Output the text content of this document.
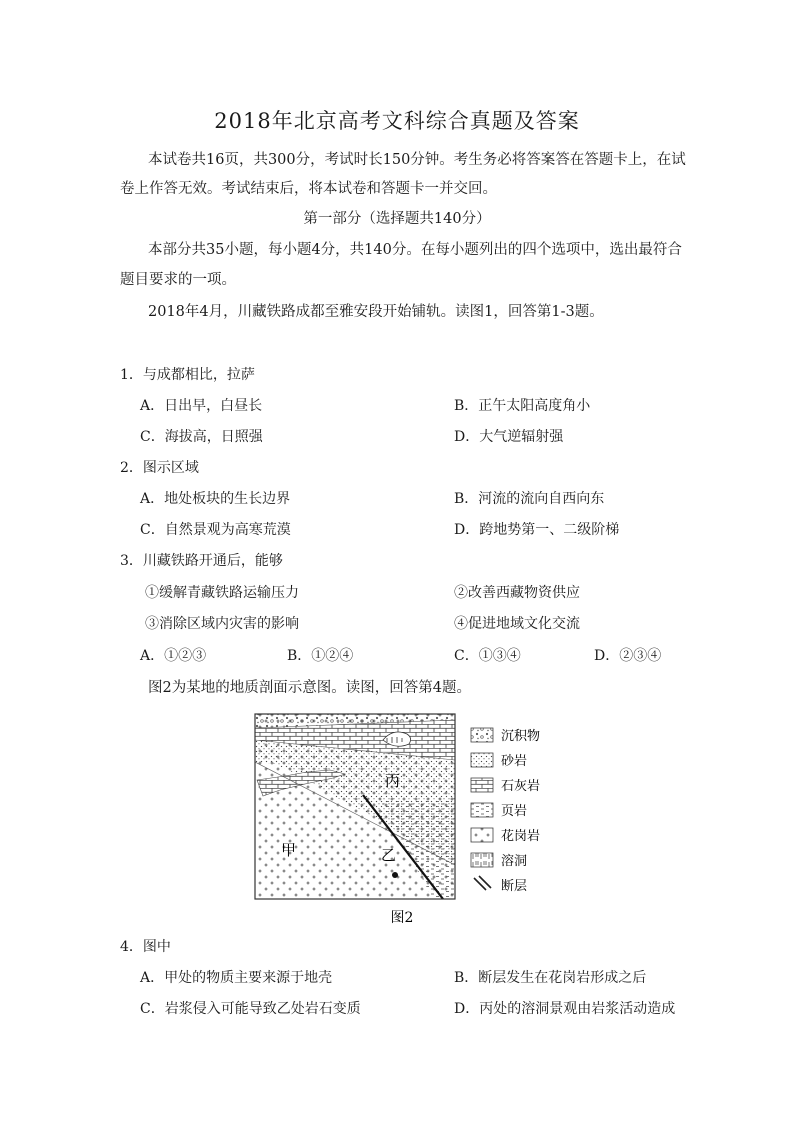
2018年北京高考文科综合真题及答案
本试卷共16页，共300分，考试时长150分钟。考生务必将答案答在答题卡上，在试
卷上作答无效。考试结束后，将本试卷和答题卡一并交回。
第一部分（选择题共140分）
本部分共35小题，每小题4分，共140分。在每小题列出的四个选项中，选出最符合
题目要求的一项。
2018年4月，川藏铁路成都至雅安段开始铺轨。读图1，回答第1-3题。
1．与成都相比，拉萨
A．日出早，白昼长	B．正午太阳高度角小
C．海拔高，日照强	D．大气逆辐射强
2．图示区域
A．地处板块的生长边界	B．河流的流向自西向东
C．自然景观为高寒荒漠	D．跨地势第一、二级阶梯
3．川藏铁路开通后，能够
①缓解青藏铁路运输压力	②改善西藏物资供应
③消除区域内灾害的影响	④促进地域文化交流
A．①②③	B．①②④	C．①③④	D．②③④
图2为某地的地质剖面示意图。读图，回答第4题。
甲	乙
丙
沉积物
砂岩
石灰岩
页岩
花岗岩
溶洞
断层
图2
4．图中
A．甲处的物质主要来源于地壳	B．断层发生在花岗岩形成之后
C．岩浆侵入可能导致乙处岩石变质	D．丙处的溶洞景观由岩浆活动造成
